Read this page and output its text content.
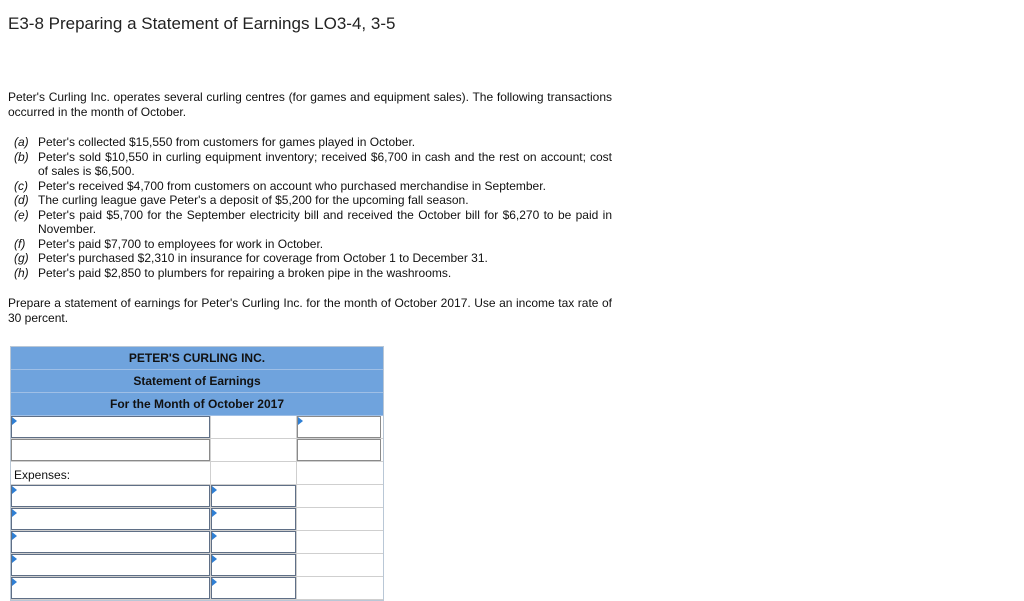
E3-8 Preparing a Statement of Earnings LO3-4, 3-5
Peter's Curling Inc. operates several curling centres (for games and equipment sales). The following transactions occurred in the month of October.
(a) Peter's collected $15,550 from customers for games played in October.
(b) Peter's sold $10,550 in curling equipment inventory; received $6,700 in cash and the rest on account; cost of sales is $6,500.
(c) Peter's received $4,700 from customers on account who purchased merchandise in September.
(d) The curling league gave Peter's a deposit of $5,200 for the upcoming fall season.
(e) Peter's paid $5,700 for the September electricity bill and received the October bill for $6,270 to be paid in November.
(f)	Peter's paid $7,700 to employees for work in October.
(g) Peter's purchased $2,310 in insurance for coverage from October 1 to December 31.
(h) Peter's paid $2,850 to plumbers for repairing a broken pipe in the washrooms.
Prepare a statement of earnings for Peter's Curling Inc. for the month of October 2017. Use an income tax rate of 30 percent.
PETER'S CURLING INC.
Statement of Earnings
For the Month of October 2017
Expenses:
